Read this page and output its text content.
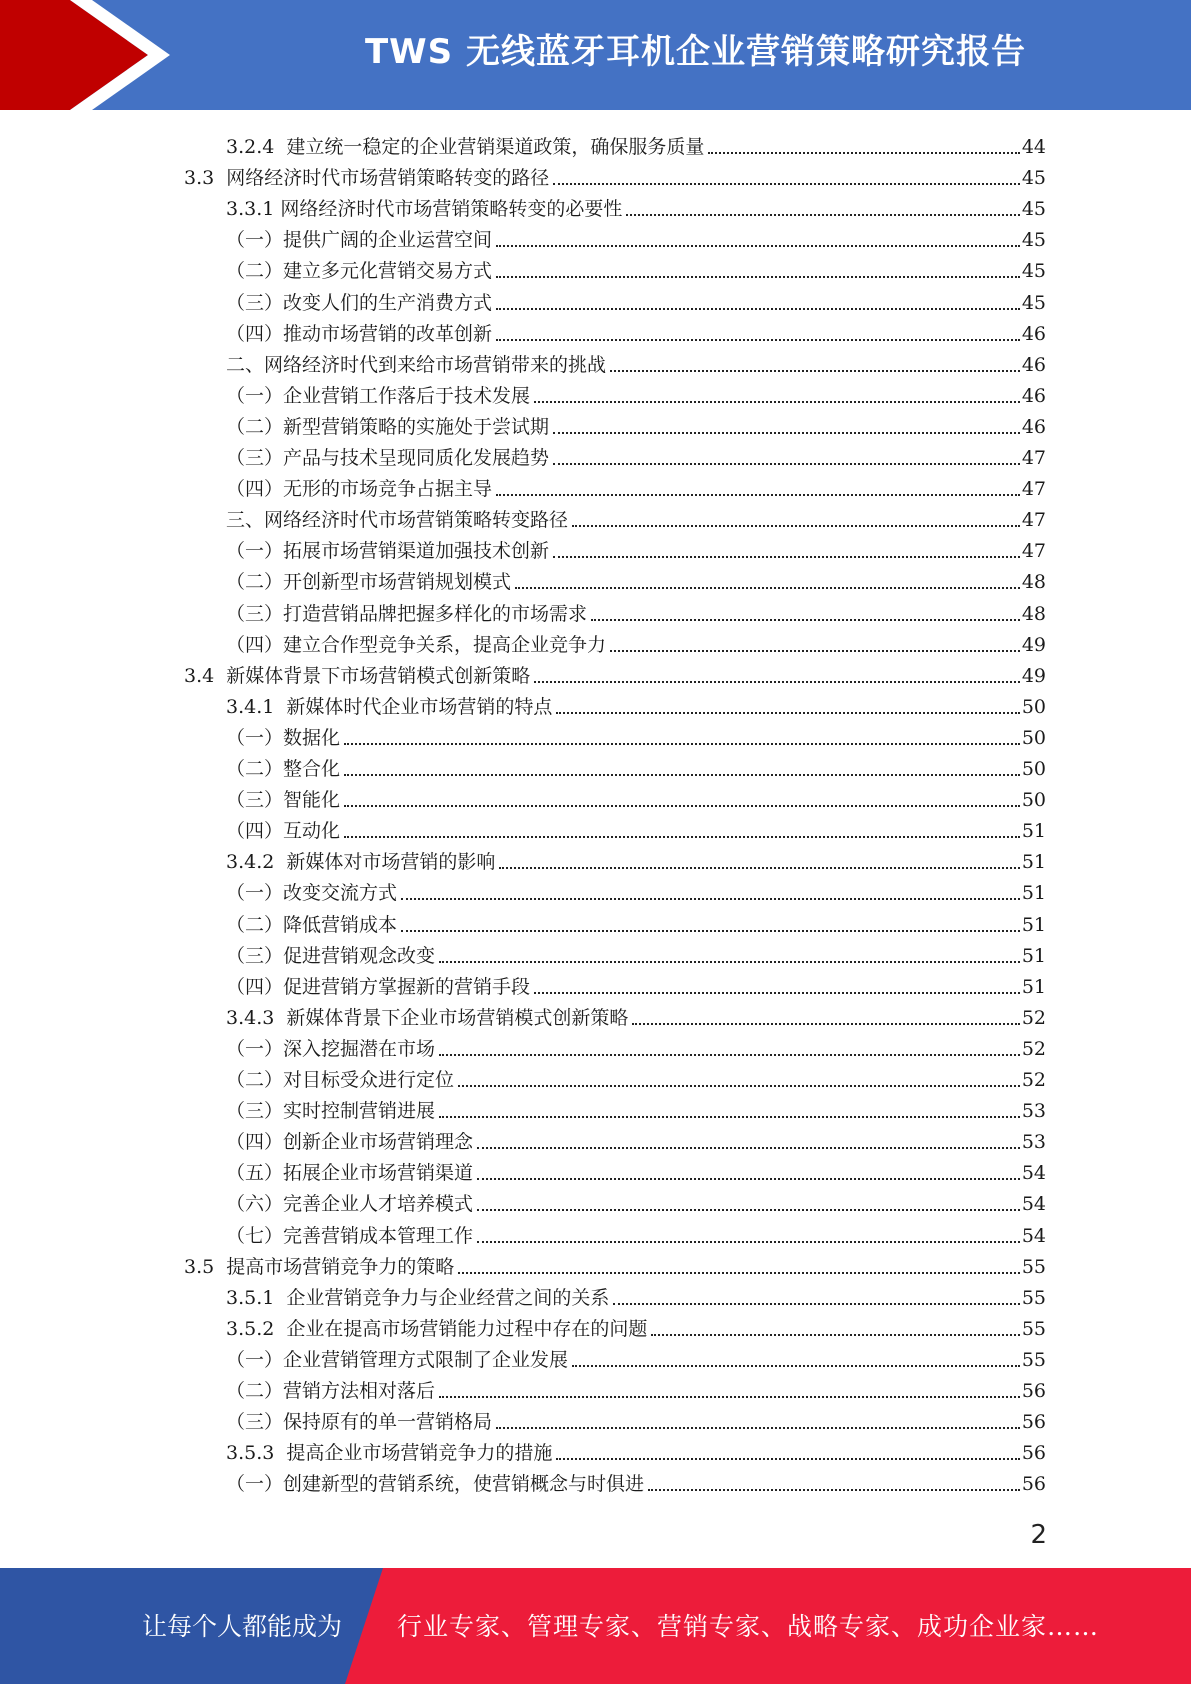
TWS 无线蓝牙耳机企业营销策略研究报告
3.2.4  建立统一稳定的企业营销渠道政策，确保服务质量	44
3.3  网络经济时代市场营销策略转变的路径	45
3.3.1 网络经济时代市场营销策略转变的必要性	45
（一）提供广阔的企业运营空间	45
（二）建立多元化营销交易方式	45
（三）改变人们的生产消费方式	45
（四）推动市场营销的改革创新	46
二、网络经济时代到来给市场营销带来的挑战	46
（一）企业营销工作落后于技术发展	46
（二）新型营销策略的实施处于尝试期	46
（三）产品与技术呈现同质化发展趋势	47
（四）无形的市场竞争占据主导	47
三、网络经济时代市场营销策略转变路径	47
（一）拓展市场营销渠道加强技术创新	47
（二）开创新型市场营销规划模式	48
（三）打造营销品牌把握多样化的市场需求	48
（四）建立合作型竞争关系，提高企业竞争力	49
3.4  新媒体背景下市场营销模式创新策略	49
3.4.1  新媒体时代企业市场营销的特点	50
（一）数据化	50
（二）整合化	50
（三）智能化	50
（四）互动化	51
3.4.2  新媒体对市场营销的影响	51
（一）改变交流方式	51
（二）降低营销成本	51
（三）促进营销观念改变	51
（四）促进营销方掌握新的营销手段	51
3.4.3  新媒体背景下企业市场营销模式创新策略	52
（一）深入挖掘潜在市场	52
（二）对目标受众进行定位	52
（三）实时控制营销进展	53
（四）创新企业市场营销理念	53
（五）拓展企业市场营销渠道	54
（六）完善企业人才培养模式	54
（七）完善营销成本管理工作	54
3.5  提高市场营销竞争力的策略	55
3.5.1  企业营销竞争力与企业经营之间的关系	55
3.5.2  企业在提高市场营销能力过程中存在的问题	55
（一）企业营销管理方式限制了企业发展	55
（二）营销方法相对落后	56
（三）保持原有的单一营销格局	56
3.5.3  提高企业市场营销竞争力的措施	56
（一）创建新型的营销系统，使营销概念与时俱进	56
2
让每个人都能成为 行业专家、管理专家、营销专家、战略专家、成功企业家……
